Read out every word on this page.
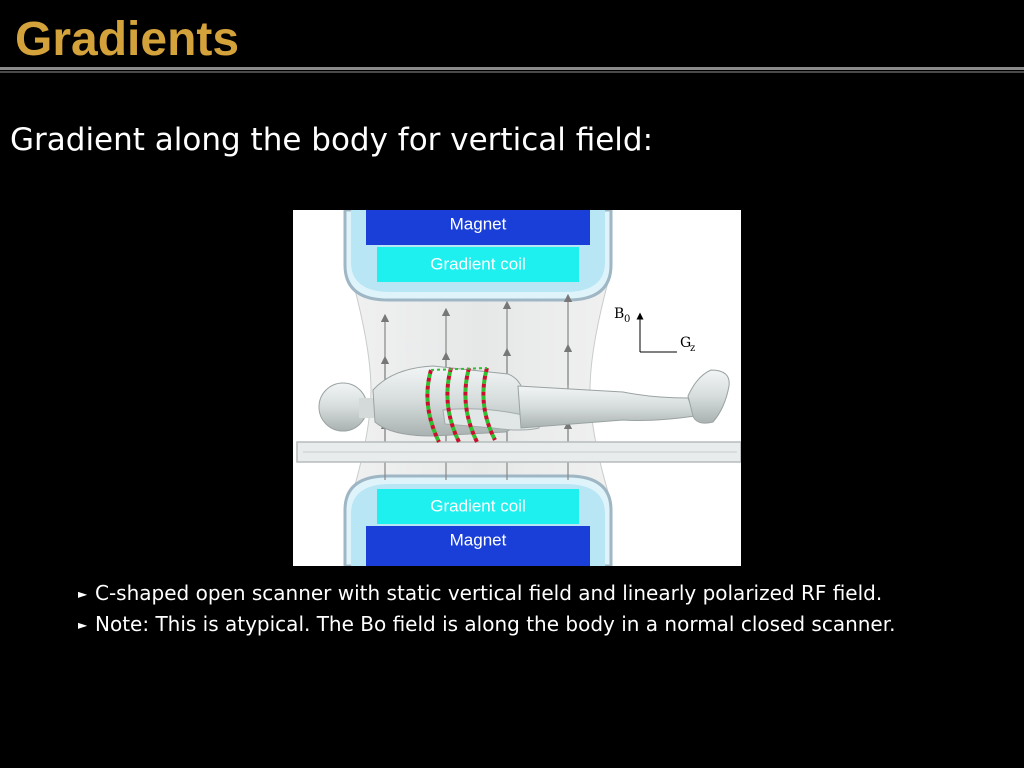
Gradients
Gradient along the body for vertical field:
Magnet
Gradient coil
Gradient coil
Magnet
RF coil
B 0
G
z
► C-shaped open scanner with static vertical field and linearly polarized RF field.
► Note: This is atypical. The Bo field is along the body in a normal closed scanner.
